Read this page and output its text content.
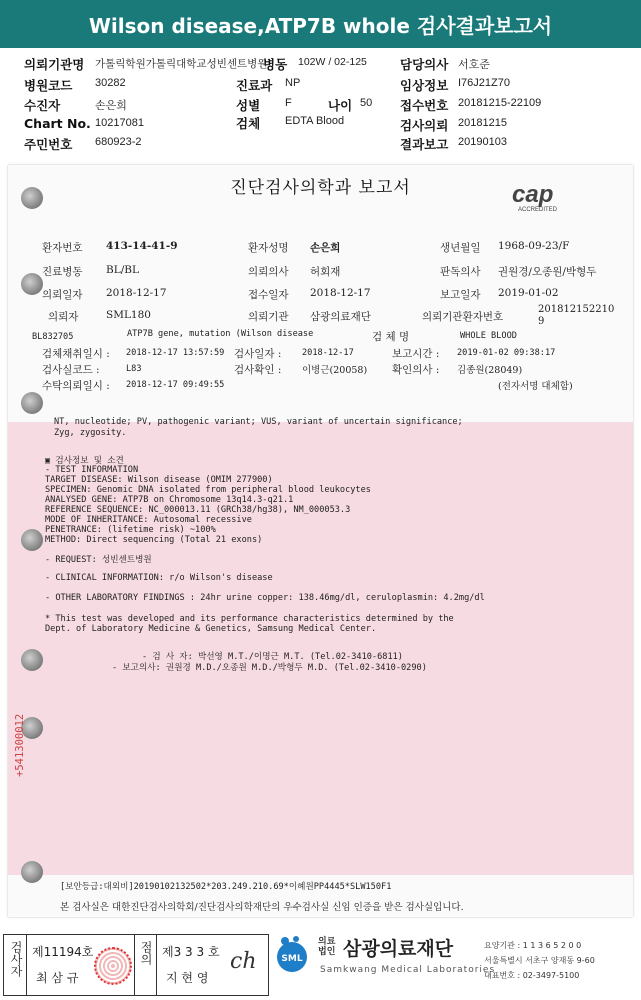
Wilson disease,ATP7B whole 검사결과보고서
의뢰기관명 가톨릭학원가톨릭대학교성빈센트병원
병동 102W / 02-125	담당의사 서호준
병원코드 30282	진료과 NP	임상정보 I76J21Z70
수진자	손은희	성별 F	나이 50 접수번호 20181215-22109
Chart No. 10217081	검체 EDTA Blood	검사의뢰 20181215
주민번호 680923-2	결과보고 20190103
진단검사의학과 보고서	cap
ACCREDITED
환자번호 413-14-41-9	환자성명 손은희	생년월일 1968-09-23/F
진료병동 BL/BL	의뢰의사 허회재	판독의사 권원경/오종원/박형두
의뢰일자 2018-12-17	접수일자 2018-12-17	보고일자 2019-01-02
의뢰자	SML180	의뢰기관 삼광의료재단	의뢰기관환자번호
201812152210
9
BL832705	ATP7B gene, mutation (Wilson disease	검 체 명	WHOLE BLOOD
검체채취일시 : 2018-12-17 13:57:59 검사일자 : 2018-12-17	보고시간 : 2019-01-02 09:38:17
검사실코드 :	L83	검사확인 : 이병근(20058) 확인의사 : 김종원(28049)
수탁의뢰일시 : 2018-12-17 09:49:55	(전자서명 대체함)
NT, nucleotide; PV, pathogenic variant; VUS, variant of uncertain significance;
Zyg, zygosity.
▣ 검사정보 및 소견
- TEST INFORMATION
TARGET DISEASE: Wilson disease (OMIM 277900)
SPECIMEN: Genomic DNA isolated from peripheral blood leukocytes
ANALYSED GENE: ATP7B on Chromosome 13q14.3-q21.1
REFERENCE SEQUENCE: NC_000013.11 (GRCh38/hg38), NM_000053.3
MODE OF INHERITANCE: Autosomal recessive
PENETRANCE: (lifetime risk) ~100%
METHOD: Direct sequencing (Total 21 exons)
- REQUEST: 성빈센트병원
- CLINICAL INFORMATION: r/o Wilson's disease
- OTHER LABORATORY FINDINGS : 24hr urine copper: 138.46mg/dl, ceruloplasmin: 4.2mg/dl
* This test was developed and its performance characteristics determined by the
Dept. of Laboratory Medicine & Genetics, Samsung Medical Center.
- 검 사 자: 박선영 M.T./이명근 M.T. (Tel.02-3410-6811)
- 보고의사: 권원경 M.D./오종원 M.D./박형두 M.D. (Tel.02-3410-0290)
+541300012
[보안등급:대외비]20190102132502*203.249.210.69*이혜원PP4445*SLW150F1
본 검사실은 대한진단검사의학회/진단검사의학재단의 우수검사실 신임 인증을 받은 검사실입니다.
검사자 제11194호
최 삼 규
점의 제3 3 3 호
지 현 영
ch	SML
의료
법인 삼광의료재단
Samkwang Medical Laboratories
요양기관 : 1 1 3 6 5 2 0 0
서울특별시 서초구 양재동 9-60
대표번호 : 02-3497-5100
